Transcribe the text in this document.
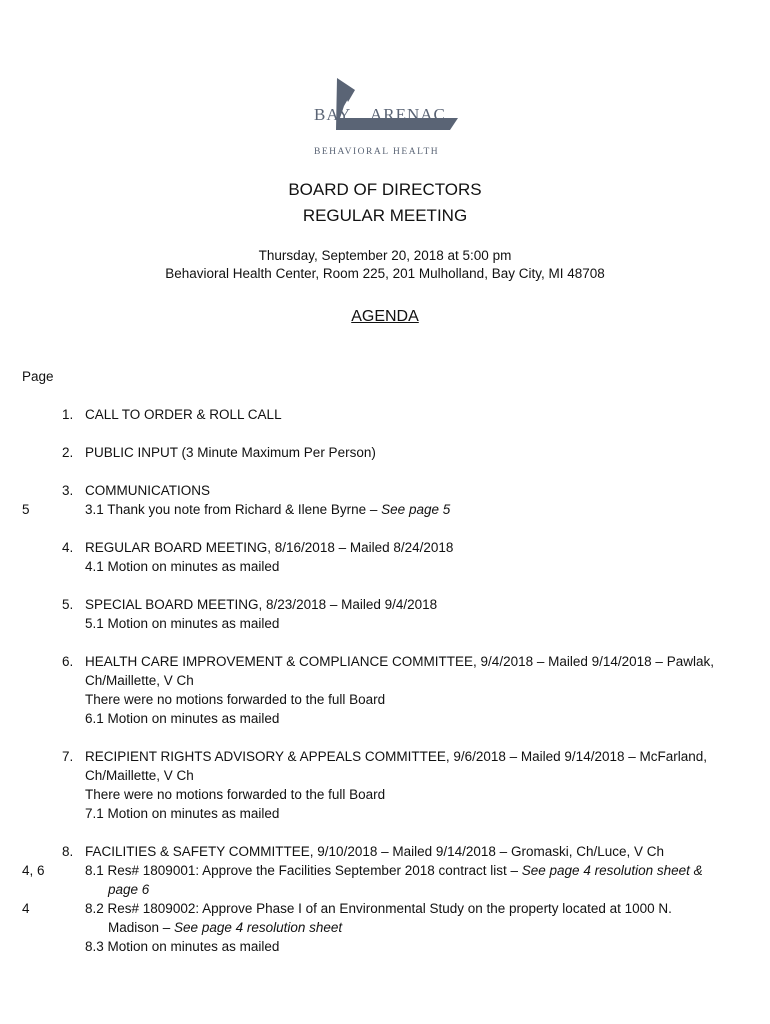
BAY ARENAC
BEHAVIORAL HEALTH
BOARD OF DIRECTORS
REGULAR MEETING
Thursday, September 20, 2018 at 5:00 pm
Behavioral Health Center, Room 225, 201 Mulholland, Bay City, MI 48708
AGENDA
Page
1. CALL TO ORDER & ROLL CALL
2. PUBLIC INPUT (3 Minute Maximum Per Person)
3. COMMUNICATIONS
5	3.1 Thank you note from Richard & Ilene Byrne – See page 5
4. REGULAR BOARD MEETING, 8/16/2018 – Mailed 8/24/2018
4.1 Motion on minutes as mailed
5. SPECIAL BOARD MEETING, 8/23/2018 – Mailed 9/4/2018
5.1 Motion on minutes as mailed
6. HEALTH CARE IMPROVEMENT & COMPLIANCE COMMITTEE, 9/4/2018 – Mailed 9/14/2018 – Pawlak,
Ch/Maillette, V Ch
There were no motions forwarded to the full Board
6.1 Motion on minutes as mailed
7. RECIPIENT RIGHTS ADVISORY & APPEALS COMMITTEE, 9/6/2018 – Mailed 9/14/2018 – McFarland,
Ch/Maillette, V Ch
There were no motions forwarded to the full Board
7.1 Motion on minutes as mailed
8. FACILITIES & SAFETY COMMITTEE, 9/10/2018 – Mailed 9/14/2018 – Gromaski, Ch/Luce, V Ch
4, 6	8.1 Res# 1809001: Approve the Facilities September 2018 contract list – See page 4 resolution sheet &
page 6
4	8.2 Res# 1809002: Approve Phase I of an Environmental Study on the property located at 1000 N.
Madison – See page 4 resolution sheet
8.3 Motion on minutes as mailed
